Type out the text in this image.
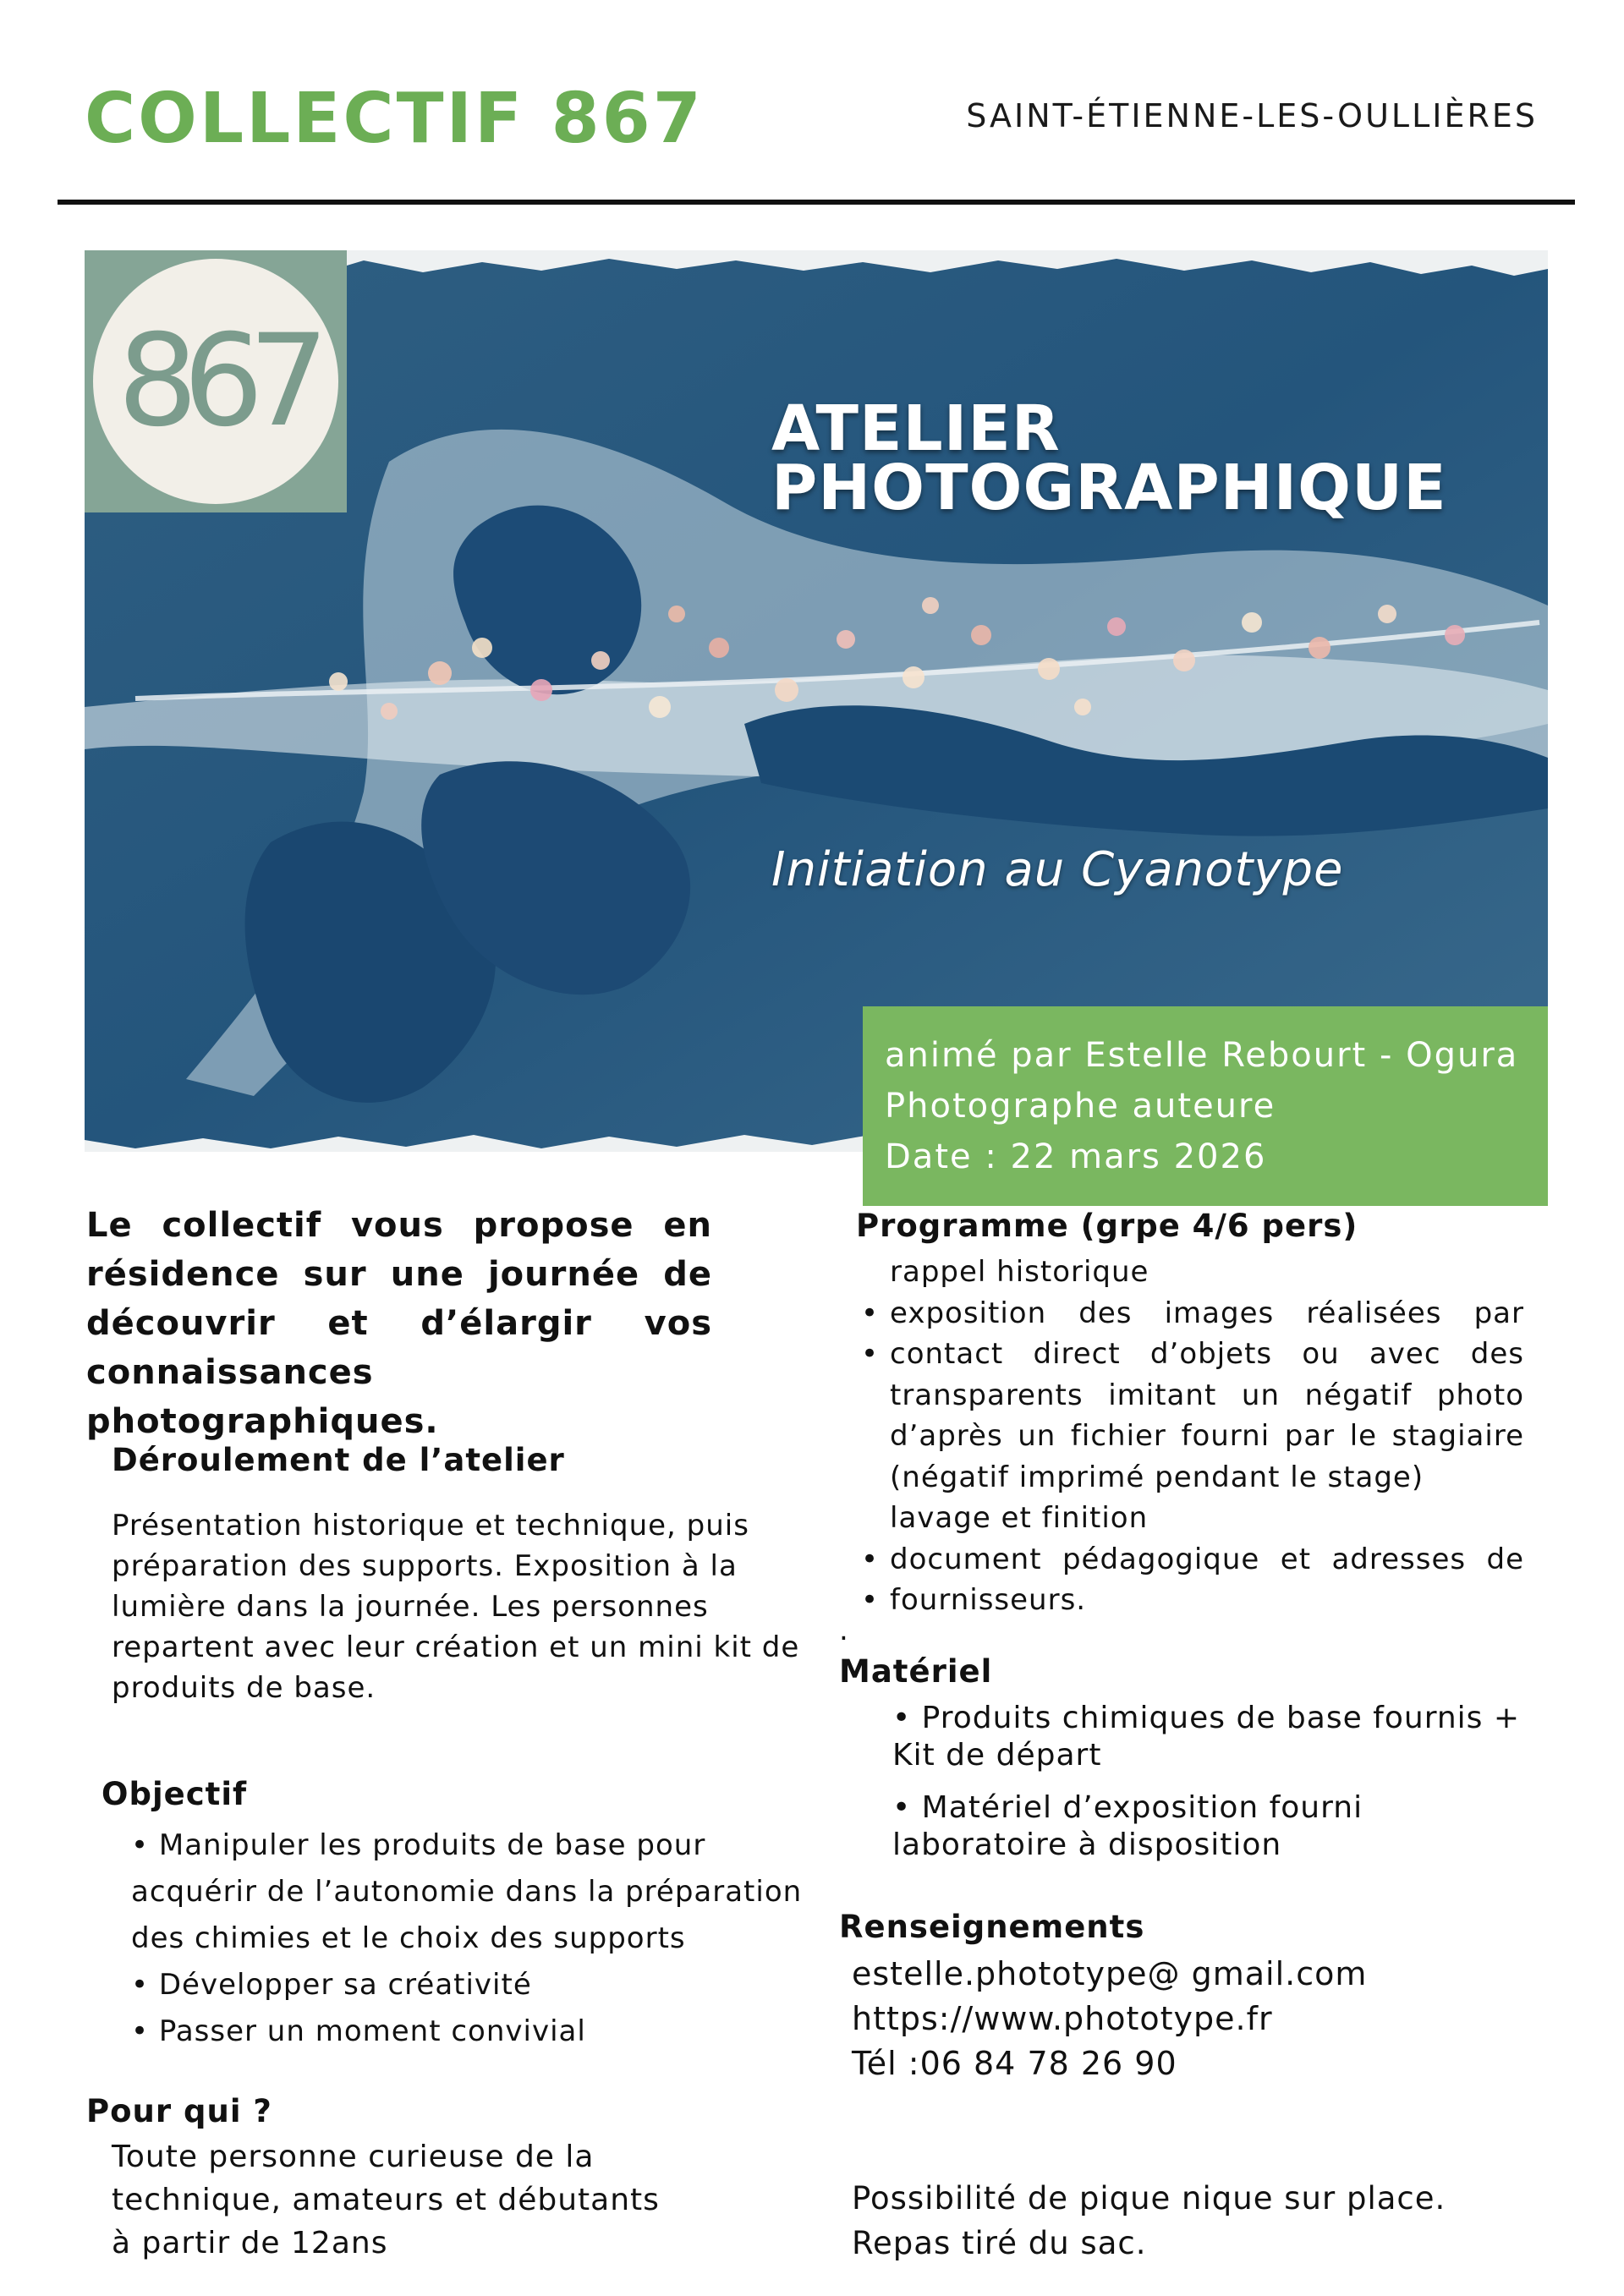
COLLECTIF 867	SAINT-ÉTIENNE-LES-OULLIÈRES
867	ATELIER
PHOTOGRAPHIQUE
Initiation au Cyanotype
animé par Estelle Rebourt - Ogura
Photographe auteure
Date : 22 mars 2026
Le collectif vous propose en résidence sur une journée de découvrir et d’élargir vos connaissances photographiques.
Déroulement de l’atelier
Présentation historique et technique, puis
préparation des supports. Exposition à la
lumière dans la journée. Les personnes
repartent avec leur création et un mini kit de
produits de base.
Objectif
• Manipuler les produits de base pour
acquérir de l’autonomie dans la préparation
des chimies et le choix des supports
• Développer sa créativité
• Passer un moment convivial
Pour qui ?
Toute personne curieuse de la
technique, amateurs et débutants
à partir de 12ans
Programme (grpe 4/6 pers)
rappel historique
• exposition des images réalisées par
• contact direct d’objets ou avec des
transparents imitant un négatif photo
d’après un fichier fourni par le stagiaire
(négatif imprimé pendant le stage)
lavage et finition
• document pédagogique et adresses de
• fournisseurs.
.
Matériel
• Produits chimiques de base fournis +
Kit de départ
• Matériel d’exposition fourni
laboratoire à disposition
Renseignements
estelle.phototype@ gmail.com
https://www.phototype.fr
Tél :06 84 78 26 90
Possibilité de pique nique sur place.
Repas tiré du sac.
